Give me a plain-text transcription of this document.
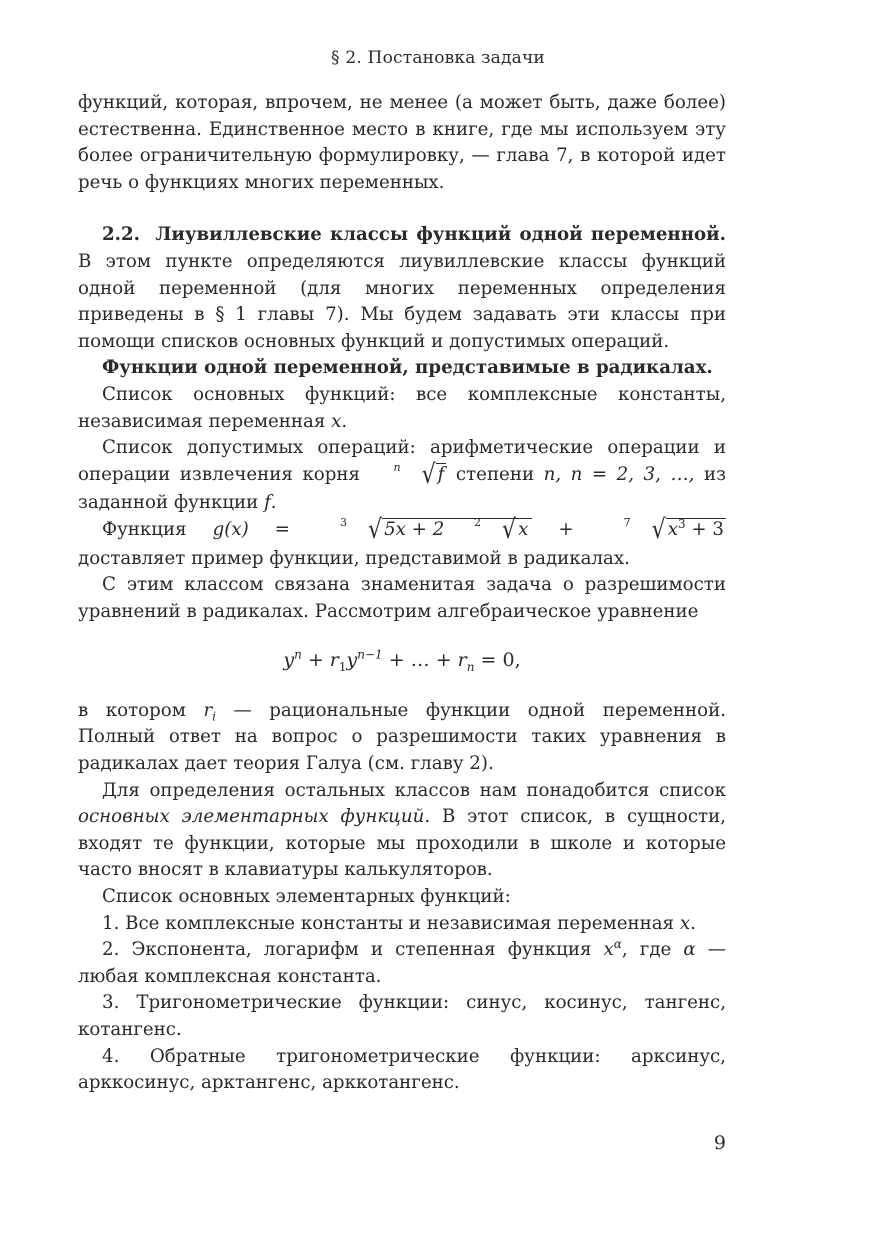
§ 2. Постановка задачи

функций, которая, впрочем, не менее (а может быть, даже более) естественна. Единственное место в книге, где мы используем эту более ограничительную формулировку, — глава 7, в которой идет речь о функциях многих переменных.

2.2. Лиувиллевские классы функций одной переменной. В этом пункте определяются лиувиллевские классы функций одной переменной (для многих переменных определения приведены в § 1 главы 7). Мы будем задавать эти классы при помощи списков основных функций и допустимых операций.

Функции одной переменной, представимые в радикалах.

Список основных функций: все комплексные константы, независимая переменная x.

Список допустимых операций: арифметические операции и операции извлечения корня $^n$ √ f степени n, n = 2, 3, …, из заданной функции f.

Функция g(x) = $^3$ √ 5x + 2 $^2$ √ x + $^7$ √ $x^3 + 3$ доставляет пример функции, представимой в радикалах.

С этим классом связана знаменитая задача о разрешимости уравнений в радикалах. Рассмотрим алгебраическое уравнение

$y^n + r_1y^{n-1}$ + … + $r_n = 0$,

в котором $r_i$ — рациональные функции одной переменной. Полный ответ на вопрос о разрешимости таких уравнения в радикалах дает теория Галуа (см. главу 2).

Для определения остальных классов нам понадобится список основных элементарных функций. В этот список, в сущности, входят те функции, которые мы проходили в школе и которые часто вносят в клавиатуры калькуляторов.

Список основных элементарных функций:

1. Все комплексные константы и независимая переменная x.

2. Экспонента, логарифм и степенная функция $x^\alpha$, где α — любая комплексная константа.

3. Тригонометрические функции: синус, косинус, тангенс, котангенс.

4. Обратные тригонометрические функции: арксинус, арккосинус, арктангенс, арккотангенс.

9
